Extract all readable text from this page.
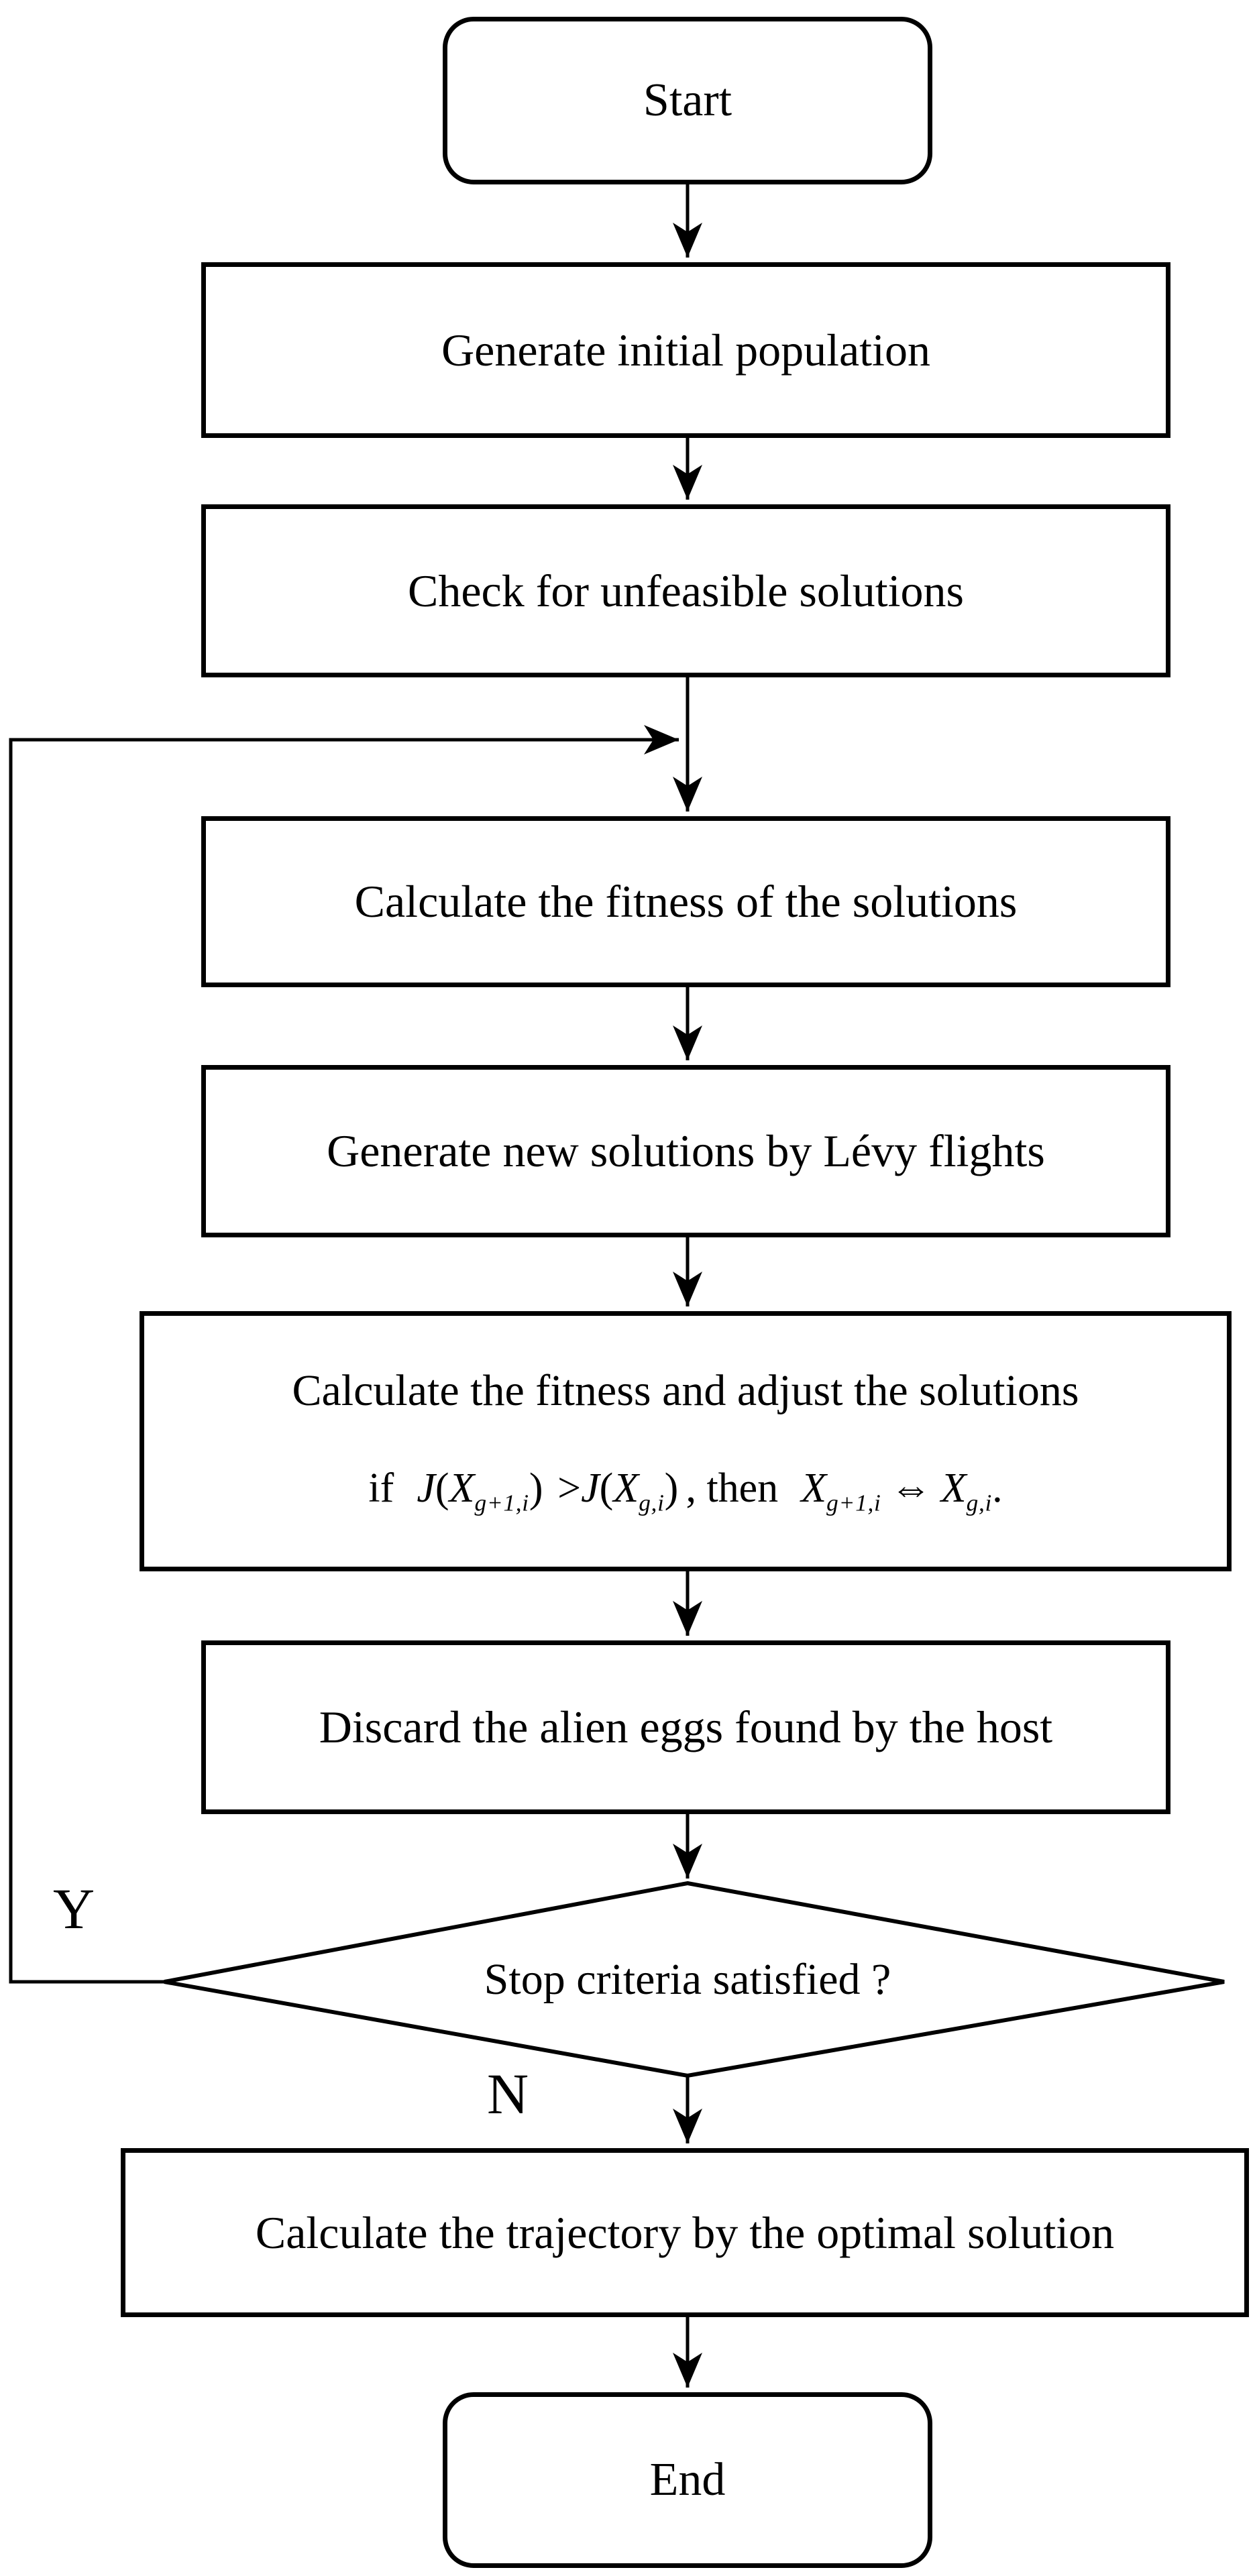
Start
Generate initial population
Check for unfeasible solutions
Calculate the fitness of the solutions
Generate new solutions by Lévy flights
Calculate the fitness and adjust the solutions
if $J(X_{g+1,i}) >J(X_{g,i})$ , then $X_{g+1,i}$ ⇔ $X_{g,i}$.
Discard the alien eggs found by the host
Stop criteria satisfied ?
Y
N
Calculate the trajectory by the optimal solution
End
